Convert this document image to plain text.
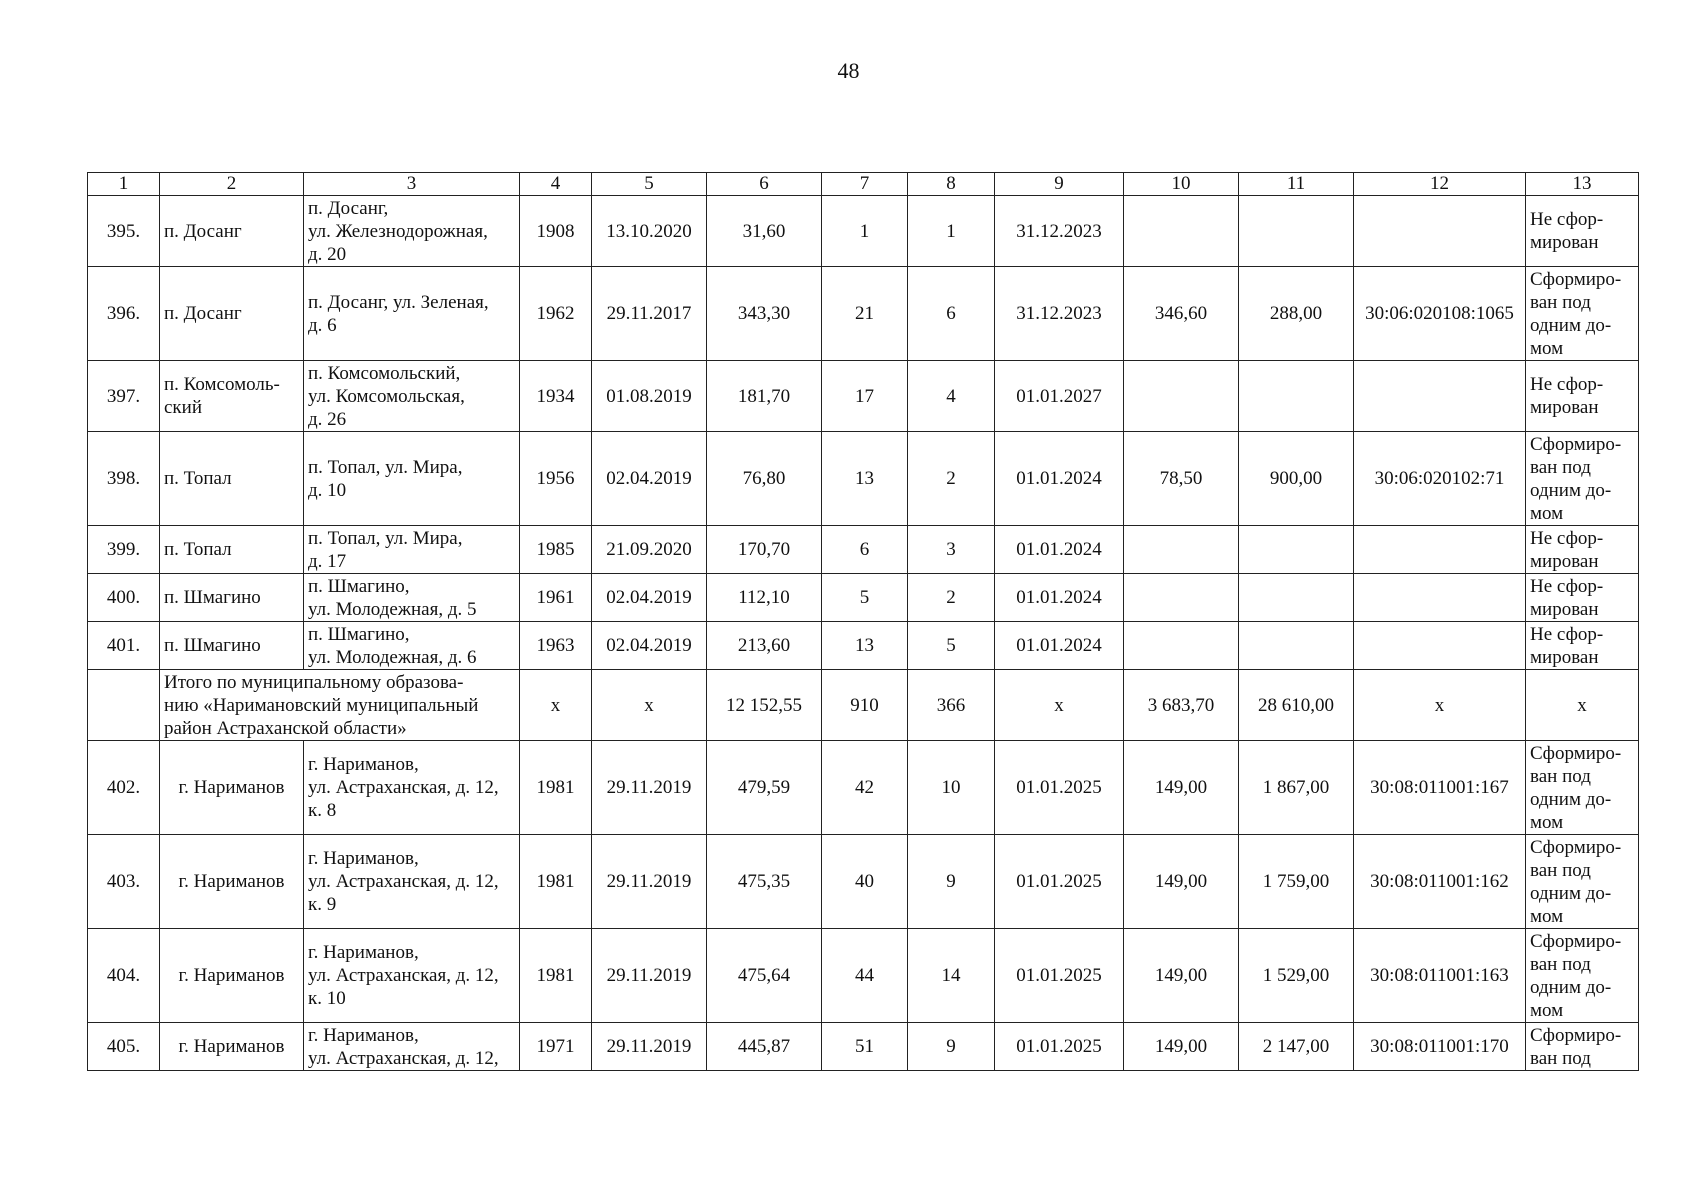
48
1	2	3	4	5	6	7	8	9	10	11	12	13
395.	п. Досанг	п. Досанг,
ул. Железнодорожная,
д. 20	1908	13.10.2020	31,60	1	1	31.12.2023				Не сфор-
мирован
396.	п. Досанг	п. Досанг, ул. Зеленая,
д. 6	1962	29.11.2017	343,30	21	6	31.12.2023	346,60	288,00	30:06:020108:1065	Сформиро-
ван под
одним до-
мом
397.	п. Комсомоль-
ский	п. Комсомольский,
ул. Комсомольская,
д. 26	1934	01.08.2019	181,70	17	4	01.01.2027				Не сфор-
мирован
398.	п. Топал	п. Топал, ул. Мира,
д. 10	1956	02.04.2019	76,80	13	2	01.01.2024	78,50	900,00	30:06:020102:71	Сформиро-
ван под
одним до-
мом
399.	п. Топал	п. Топал, ул. Мира,
д. 17	1985	21.09.2020	170,70	6	3	01.01.2024				Не сфор-
мирован
400.	п. Шмагино	п. Шмагино,
ул. Молодежная, д. 5	1961	02.04.2019	112,10	5	2	01.01.2024				Не сфор-
мирован
401.	п. Шмагино	п. Шмагино,
ул. Молодежная, д. 6	1963	02.04.2019	213,60	13	5	01.01.2024				Не сфор-
мирован
	Итого по муниципальному образова-
нию «Наримановский муниципальный
район Астраханской области»		х	х	12 152,55	910	366	х	3 683,70	28 610,00	х	х
402.	г. Нариманов	г. Нариманов,
ул. Астраханская, д. 12,
к. 8	1981	29.11.2019	479,59	42	10	01.01.2025	149,00	1 867,00	30:08:011001:167	Сформиро-
ван под
одним до-
мом
403.	г. Нариманов	г. Нариманов,
ул. Астраханская, д. 12,
к. 9	1981	29.11.2019	475,35	40	9	01.01.2025	149,00	1 759,00	30:08:011001:162	Сформиро-
ван под
одним до-
мом
404.	г. Нариманов	г. Нариманов,
ул. Астраханская, д. 12,
к. 10	1981	29.11.2019	475,64	44	14	01.01.2025	149,00	1 529,00	30:08:011001:163	Сформиро-
ван под
одним до-
мом
405.	г. Нариманов	г. Нариманов,
ул. Астраханская, д. 12,	1971	29.11.2019	445,87	51	9	01.01.2025	149,00	2 147,00	30:08:011001:170	Сформиро-
ван под
